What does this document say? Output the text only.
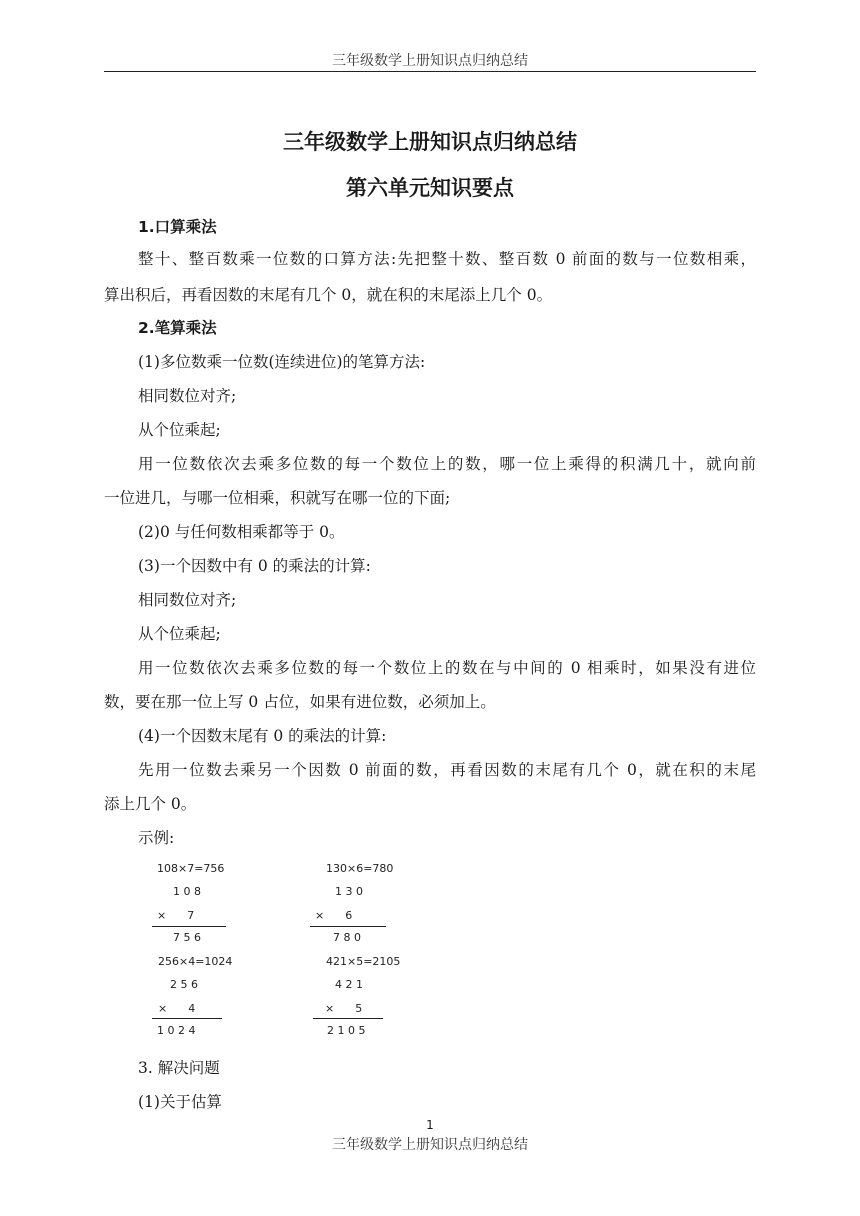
三年级数学上册知识点归纳总结
三年级数学上册知识点归纳总结
第六单元知识要点
1.口算乘法
整十、整百数乘一位数的口算方法:先把整十数、整百数 0 前面的数与一位数相乘，
算出积后，再看因数的末尾有几个 0，就在积的末尾添上几个 0。
2.笔算乘法
(1)多位数乘一位数(连续进位)的笔算方法:
相同数位对齐;
从个位乘起;
用一位数依次去乘多位数的每一个数位上的数，哪一位上乘得的积满几十，就向前
一位进几，与哪一位相乘，积就写在哪一位的下面;
(2)0 与任何数相乘都等于 0。
(3)一个因数中有 0 的乘法的计算:
相同数位对齐;
从个位乘起;
用一位数依次去乘多位数的每一个数位上的数在与中间的 0 相乘时，如果没有进位
数，要在那一位上写 0 占位，如果有进位数，必须加上。
(4)一个因数末尾有 0 的乘法的计算:
先用一位数去乘另一个因数 0 前面的数，再看因数的末尾有几个 0，就在积的末尾
添上几个 0。
示例:
108×7=756
1 0 8
×      7
7 5 6
130×6=780
1 3 0
×      6
7 8 0
256×4=1024
2 5 6
×      4
1 0 2 4
421×5=2105
4 2 1
×      5
2 1 0 5
3. 解决问题
(1)关于估算
1
三年级数学上册知识点归纳总结
